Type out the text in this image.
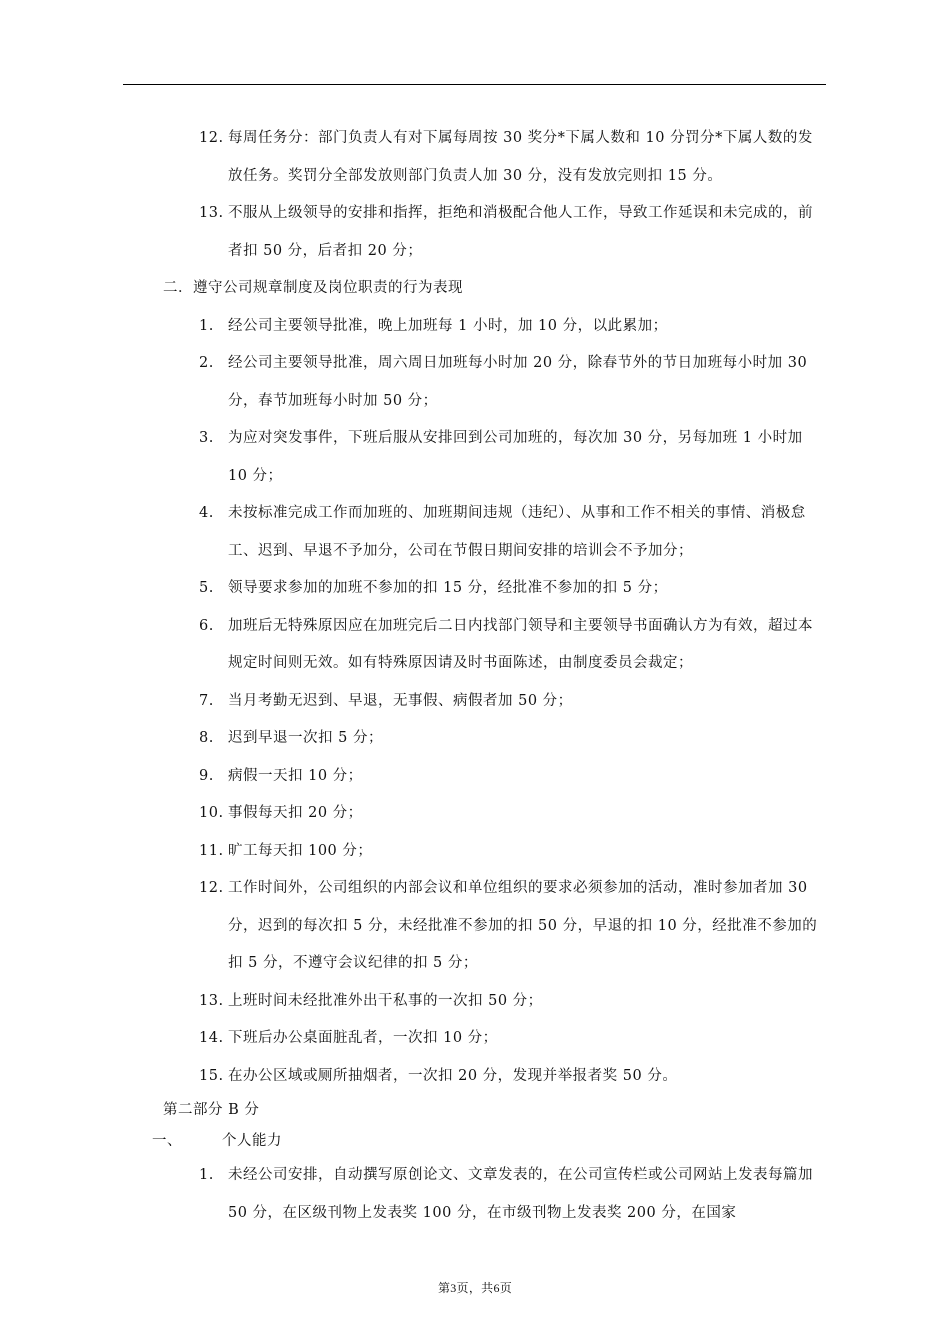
12. 每周任务分：部门负责人有对下属每周按 30 奖分*下属人数和 10 分罚分*下属人数的发放任务。奖罚分全部发放则部门负责人加 30 分，没有发放完则扣 15 分。
13. 不服从上级领导的安排和指挥，拒绝和消极配合他人工作，导致工作延误和未完成的，前者扣 50 分，后者扣 20 分；
二． 遵守公司规章制度及岗位职责的行为表现
1. 经公司主要领导批准，晚上加班每 1 小时，加 10 分，以此累加；
2. 经公司主要领导批准，周六周日加班每小时加 20 分，除春节外的节日加班每小时加 30 分，春节加班每小时加 50 分；
3. 为应对突发事件，下班后服从安排回到公司加班的，每次加 30 分，另每加班 1 小时加 10 分；
4. 未按标准完成工作而加班的、加班期间违规（违纪）、从事和工作不相关的事情、消极怠工、迟到、早退不予加分，公司在节假日期间安排的培训会不予加分；
5. 领导要求参加的加班不参加的扣 15 分，经批准不参加的扣 5 分；
6. 加班后无特殊原因应在加班完后二日内找部门领导和主要领导书面确认方为有效，超过本规定时间则无效。如有特殊原因请及时书面陈述，由制度委员会裁定；
7. 当月考勤无迟到、早退，无事假、病假者加 50 分；
8. 迟到早退一次扣 5 分；
9. 病假一天扣 10 分；
10. 事假每天扣 20 分；
11. 旷工每天扣 100 分；
12. 工作时间外，公司组织的内部会议和单位组织的要求必须参加的活动，准时参加者加 30 分，迟到的每次扣 5 分，未经批准不参加的扣 50 分，早退的扣 10 分，经批准不参加的扣 5 分，不遵守会议纪律的扣 5 分；
13. 上班时间未经批准外出干私事的一次扣 50 分；
14. 下班后办公桌面脏乱者，一次扣 10 分；
15. 在办公区域或厕所抽烟者，一次扣 20 分，发现并举报者奖 50 分。
第二部分 B 分
一、	个人能力
1. 未经公司安排，自动撰写原创论文、文章发表的，在公司宣传栏或公司网站上发表每篇加 50 分，在区级刊物上发表奖 100 分，在市级刊物上发表奖 200 分，在国家
第3页，共6页
